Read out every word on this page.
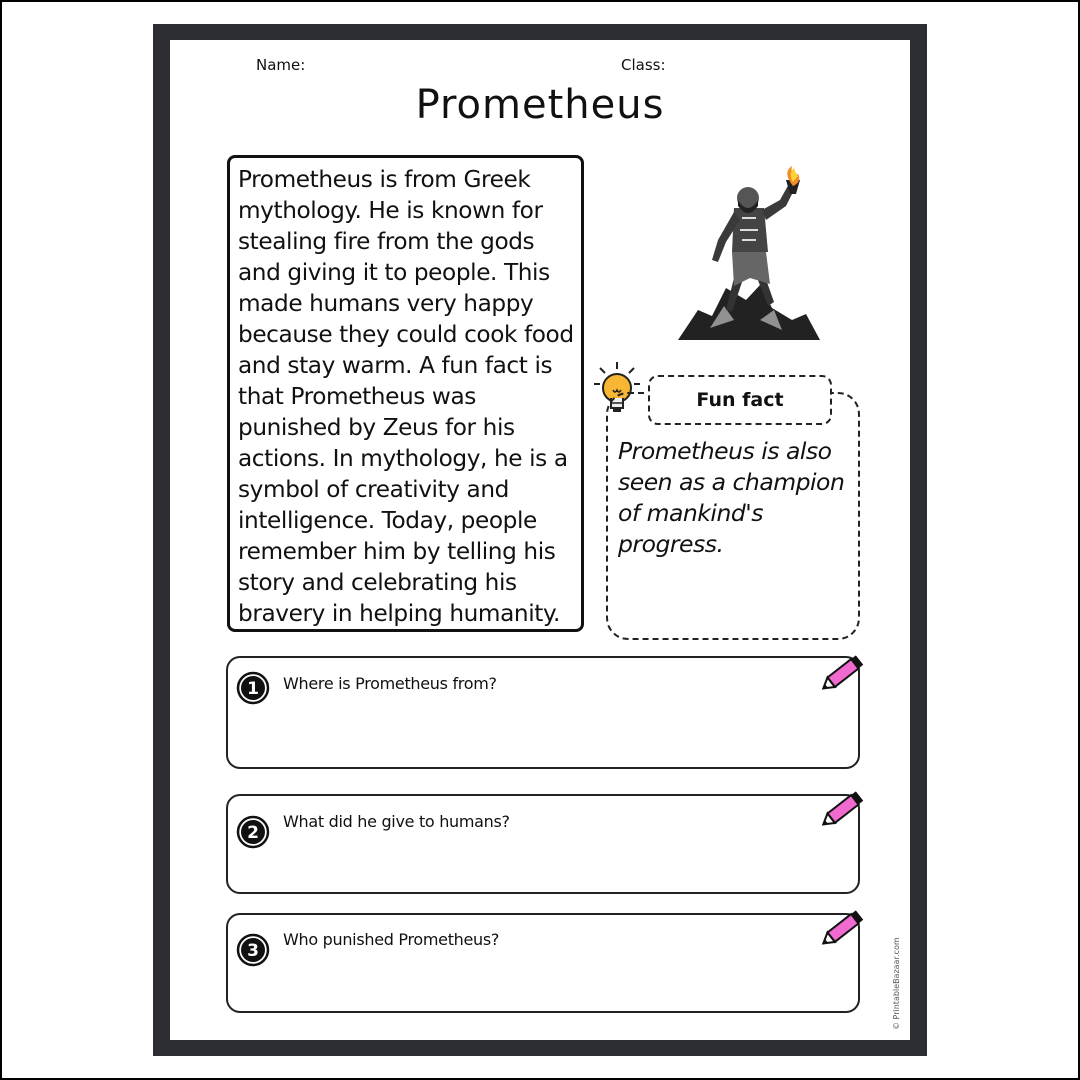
Name:	Class:
Prometheus

Prometheus is from Greek mythology. He is known for stealing fire from the gods and giving it to people. This made humans very happy because they could cook food and stay warm. A fun fact is that Prometheus was punished by Zeus for his actions. In mythology, he is a symbol of creativity and intelligence. Today, people remember him by telling his story and celebrating his bravery in helping humanity.

Fun fact
Prometheus is also seen as a champion of mankind's progress.
1 Where is Prometheus from?
2
What did he give to humans?
3
Who punished Prometheus?	© PrintableBazaar.com
